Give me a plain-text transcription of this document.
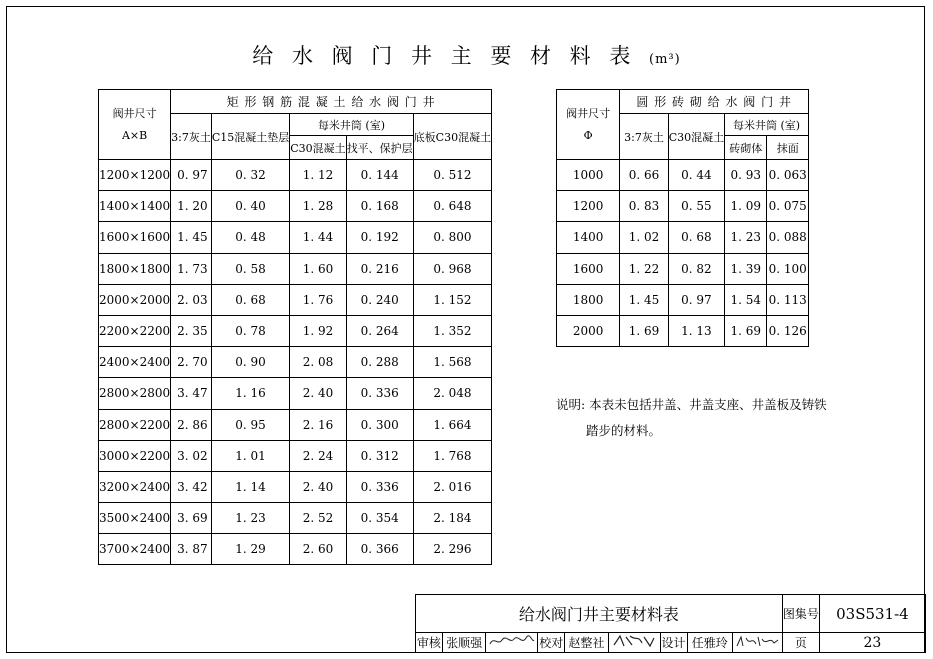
给 水 阀 门 井 主 要 材 料 表 (m³)
阀井尺寸
A×B	矩 形 钢 筋 混 凝 土 给 水 阀 门 井				
	3:7灰土	C15混凝土垫层	每米井筒 (室)		底板C30混凝土
			C30混凝土	找平、保护层	
1200×1200	0. 97	0. 32	1. 12	0. 144	0. 512
1400×1400	1. 20	0. 40	1. 28	0. 168	0. 648
1600×1600	1. 45	0. 48	1. 44	0. 192	0. 800
1800×1800	1. 73	0. 58	1. 60	0. 216	0. 968
2000×2000	2. 03	0. 68	1. 76	0. 240	1. 152
2200×2200	2. 35	0. 78	1. 92	0. 264	1. 352
2400×2400	2. 70	0. 90	2. 08	0. 288	1. 568
2800×2800	3. 47	1. 16	2. 40	0. 336	2. 048
2800×2200	2. 86	0. 95	2. 16	0. 300	1. 664
3000×2200	3. 02	1. 01	2. 24	0. 312	1. 768
3200×2400	3. 42	1. 14	2. 40	0. 336	2. 016
3500×2400	3. 69	1. 23	2. 52	0. 354	2. 184
3700×2400	3. 87	1. 29	2. 60	0. 366	2. 296
阀井尺寸
Φ	圆 形 砖 砌 给 水 阀 门 井			
	3:7灰土	C30混凝土	每米井筒 (室)	
			砖砌体	抹面
1000	0. 66	0. 44	0. 93	0. 063
1200	0. 83	0. 55	1. 09	0. 075
1400	1. 02	0. 68	1. 23	0. 088
1600	1. 22	0. 82	1. 39	0. 100
1800	1. 45	0. 97	1. 54	0. 113
2000	1. 69	1. 13	1. 69	0. 126
说明: 本表未包括井盖、井盖支座、井盖板及铸铁
踏步的材料。
给水阀门井主要材料表									图集号	03S531-4
审核	张顺强		校对	赵整社		设计	任雅玲		页	23
